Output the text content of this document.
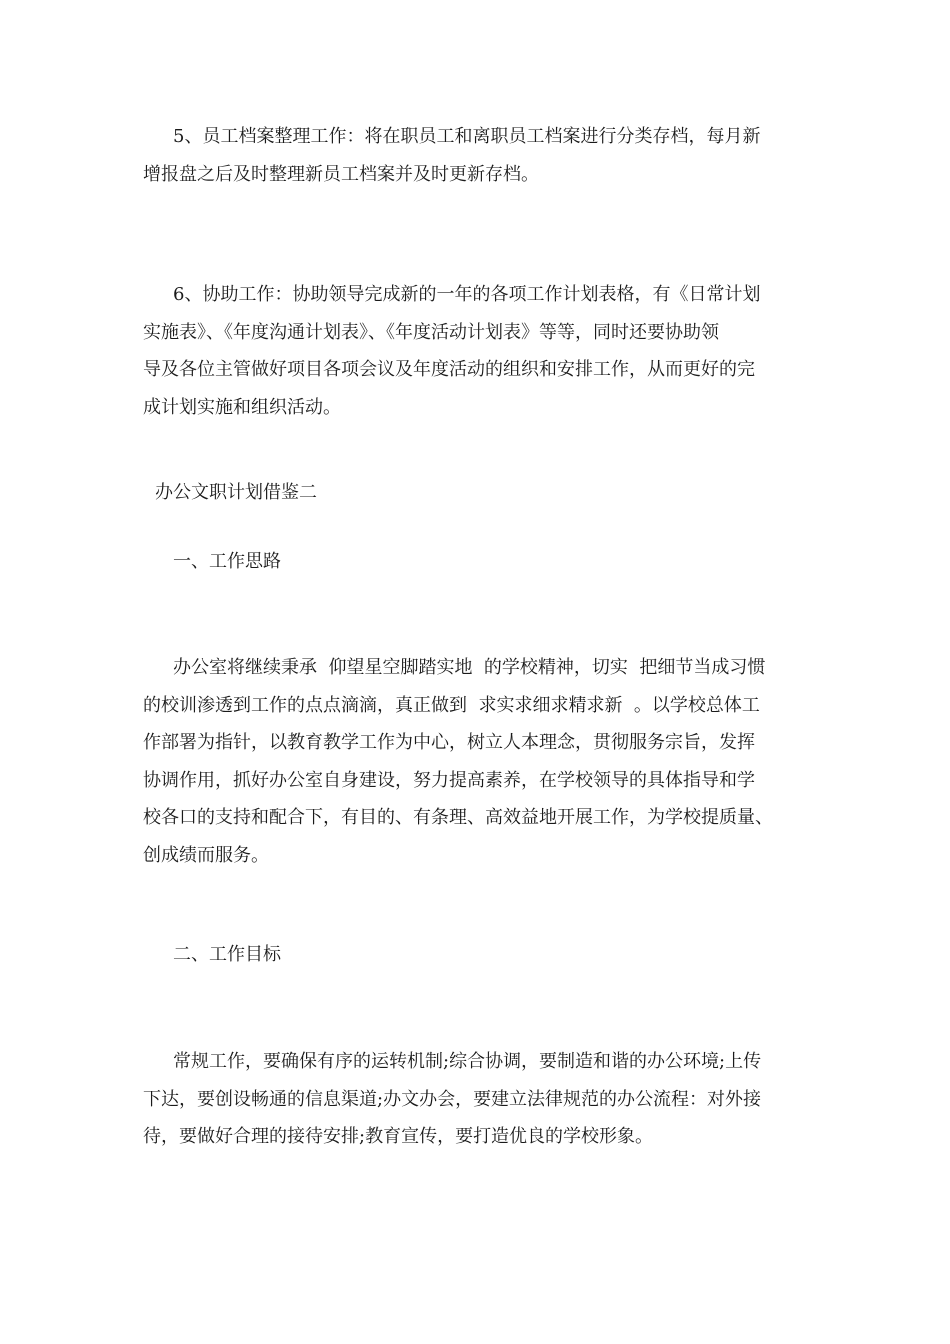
5、员工档案整理工作：将在职员工和离职员工档案进行分类存档，每月新
增报盘之后及时整理新员工档案并及时更新存档。
6、协助工作：协助领导完成新的一年的各项工作计划表格，有《日常计划
实施表》、《年度沟通计划表》、《年度活动计划表》等等，同时还要协助领
导及各位主管做好项目各项会议及年度活动的组织和安排工作，从而更好的完
成计划实施和组织活动。
办公文职计划借鉴二
一、工作思路
办公室将继续秉承  仰望星空脚踏实地  的学校精神，切实  把细节当成习惯
的校训渗透到工作的点点滴滴，真正做到  求实求细求精求新  。以学校总体工
作部署为指针，以教育教学工作为中心，树立人本理念，贯彻服务宗旨，发挥
协调作用，抓好办公室自身建设，努力提高素养，在学校领导的具体指导和学
校各口的支持和配合下，有目的、有条理、高效益地开展工作，为学校提质量、
创成绩而服务。
二、工作目标
常规工作，要确保有序的运转机制;综合协调，要制造和谐的办公环境;上传
下达，要创设畅通的信息渠道;办文办会，要建立法律规范的办公流程：对外接
待，要做好合理的接待安排;教育宣传，要打造优良的学校形象。
